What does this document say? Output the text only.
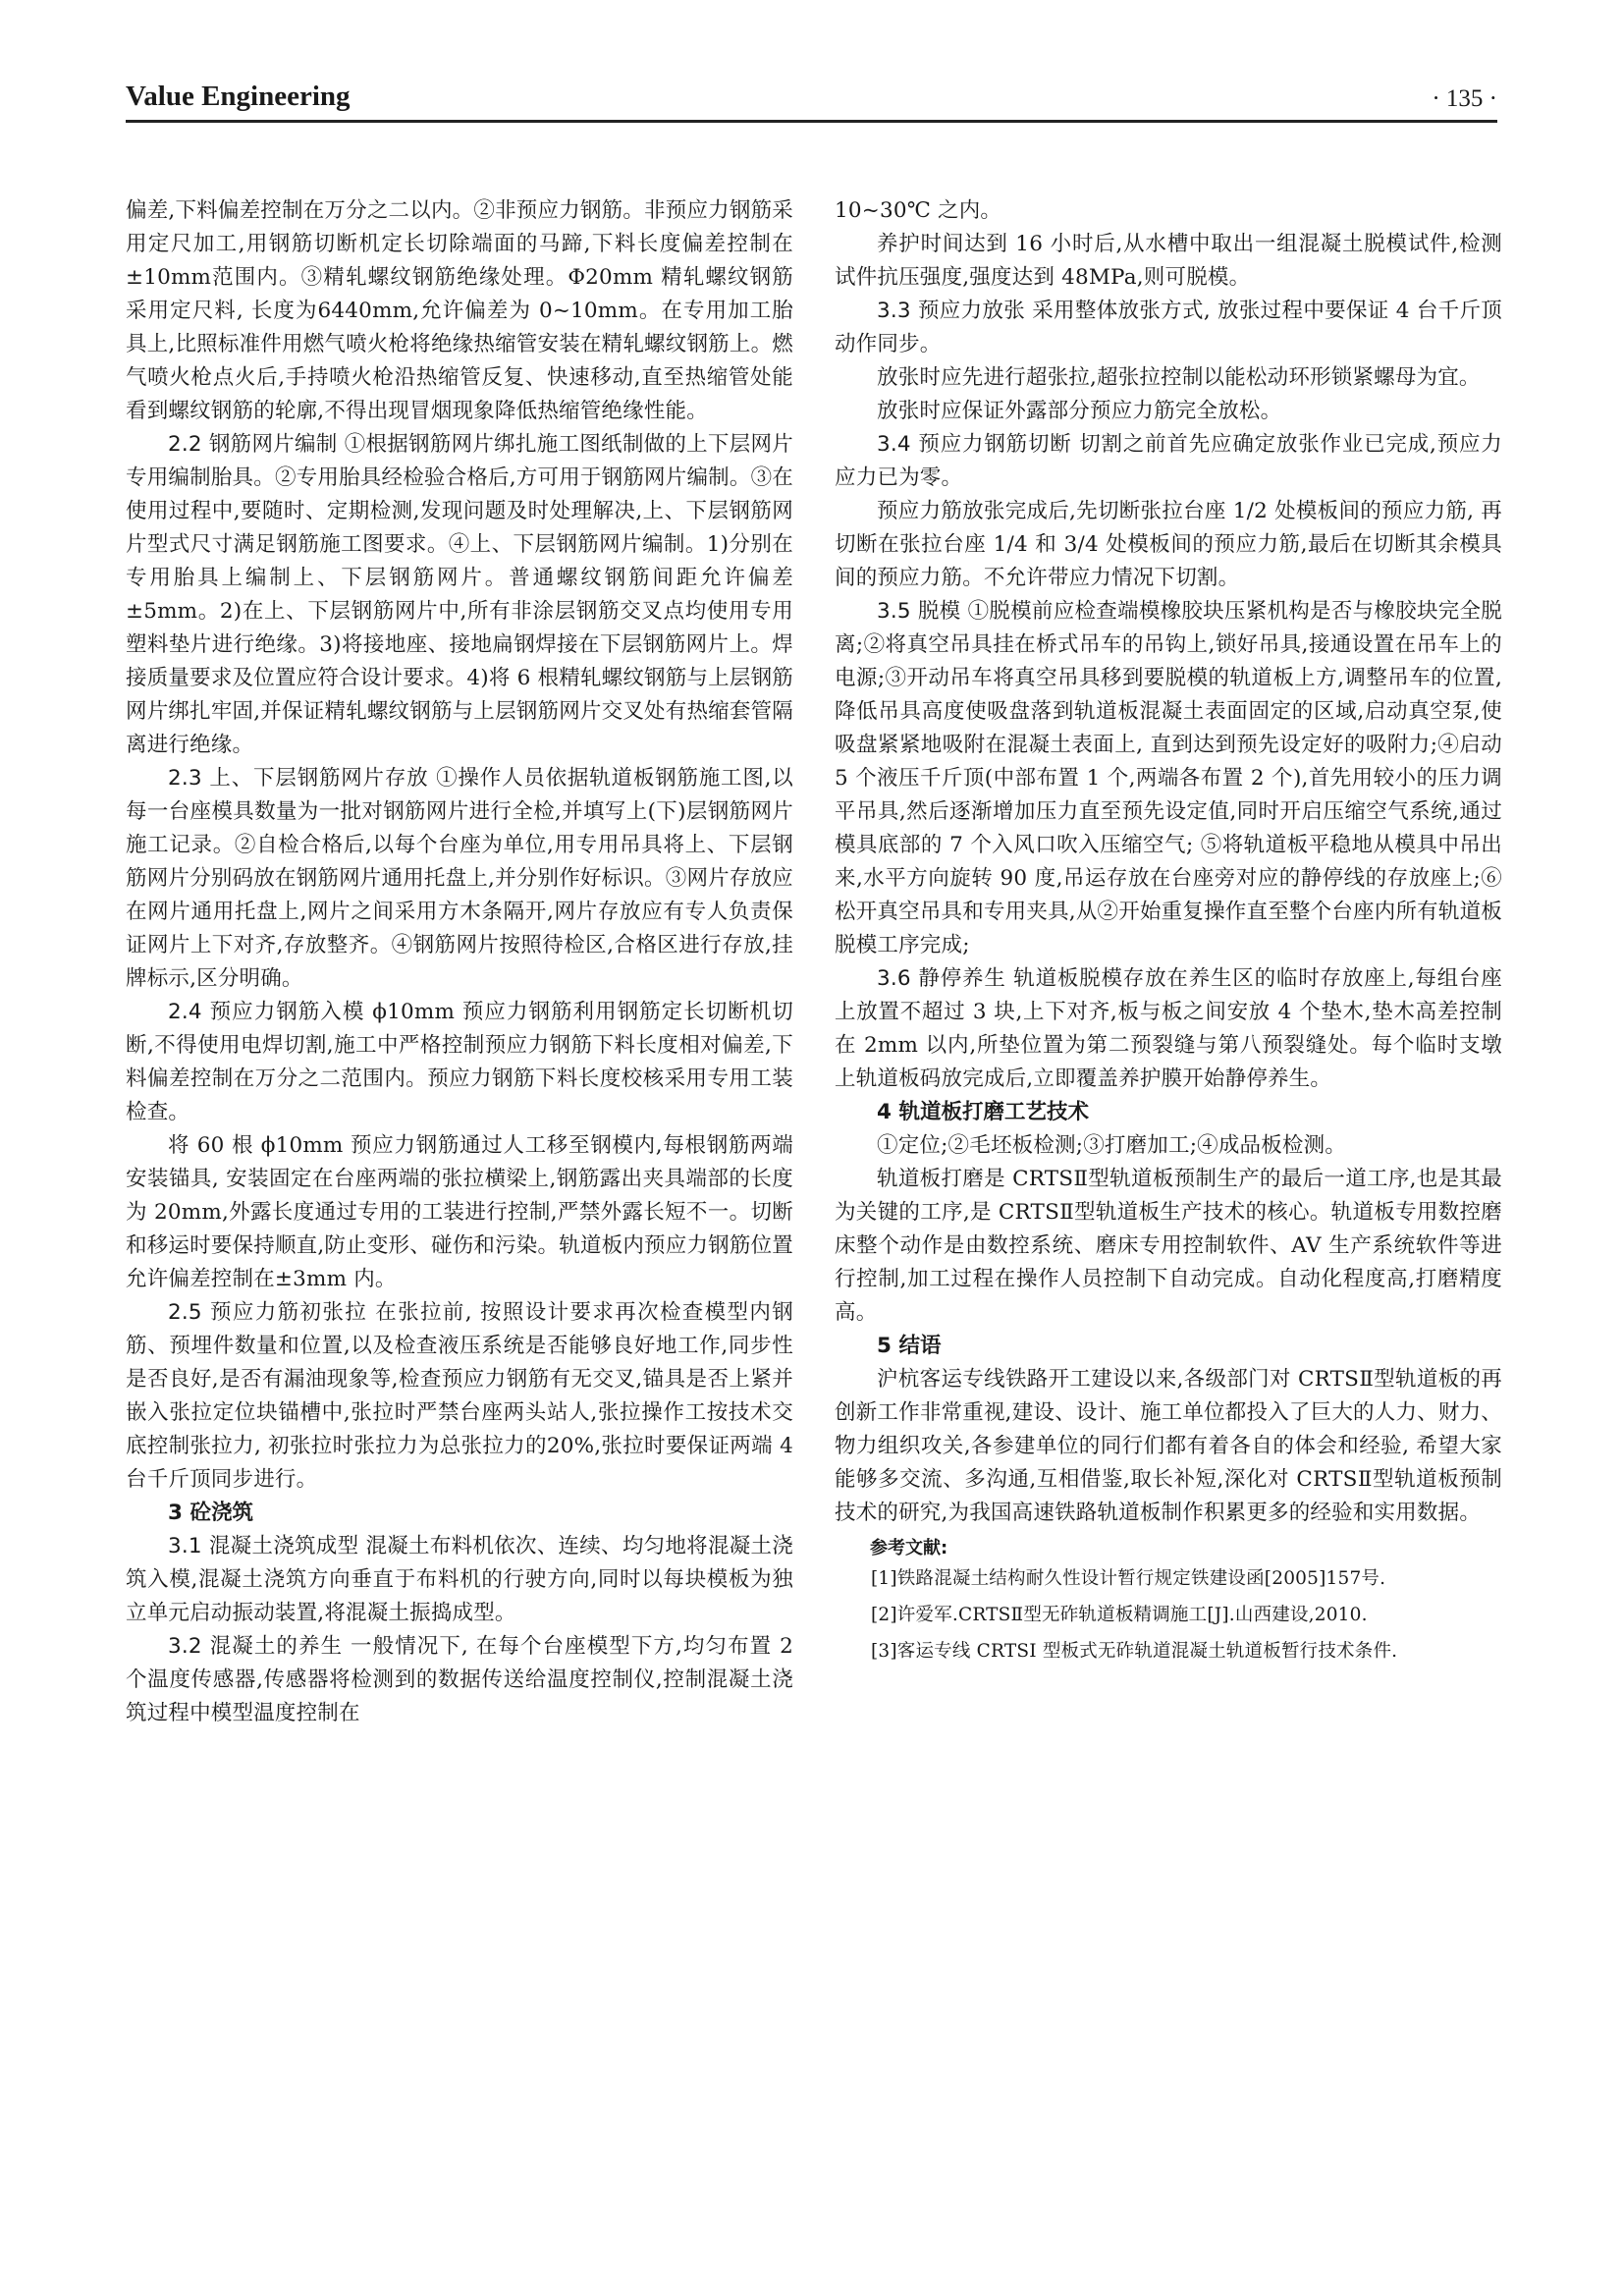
Value Engineering	· 135 ·

偏差,下料偏差控制在万分之二以内。②非预应力钢筋。非预应力钢筋采用定尺加工,用钢筋切断机定长切除端面的马蹄,下料长度偏差控制在±10mm范围内。③精轧螺纹钢筋绝缘处理。Φ20mm 精轧螺纹钢筋采用定尺料, 长度为6440mm,允许偏差为 0~10mm。在专用加工胎具上,比照标准件用燃气喷火枪将绝缘热缩管安装在精轧螺纹钢筋上。燃气喷火枪点火后,手持喷火枪沿热缩管反复、快速移动,直至热缩管处能看到螺纹钢筋的轮廓,不得出现冒烟现象降低热缩管绝缘性能。

2.2 钢筋网片编制 ①根据钢筋网片绑扎施工图纸制做的上下层网片专用编制胎具。②专用胎具经检验合格后,方可用于钢筋网片编制。③在使用过程中,要随时、定期检测,发现问题及时处理解决,上、下层钢筋网片型式尺寸满足钢筋施工图要求。④上、下层钢筋网片编制。1)分别在专用胎具上编制上、下层钢筋网片。普通螺纹钢筋间距允许偏差±5mm。2)在上、下层钢筋网片中,所有非涂层钢筋交叉点均使用专用塑料垫片进行绝缘。3)将接地座、接地扁钢焊接在下层钢筋网片上。焊接质量要求及位置应符合设计要求。4)将 6 根精轧螺纹钢筋与上层钢筋网片绑扎牢固,并保证精轧螺纹钢筋与上层钢筋网片交叉处有热缩套管隔离进行绝缘。

2.3 上、下层钢筋网片存放 ①操作人员依据轨道板钢筋施工图,以每一台座模具数量为一批对钢筋网片进行全检,并填写上(下)层钢筋网片施工记录。②自检合格后,以每个台座为单位,用专用吊具将上、下层钢筋网片分别码放在钢筋网片通用托盘上,并分别作好标识。③网片存放应在网片通用托盘上,网片之间采用方木条隔开,网片存放应有专人负责保证网片上下对齐,存放整齐。④钢筋网片按照待检区,合格区进行存放,挂牌标示,区分明确。

2.4 预应力钢筋入模 ϕ10mm 预应力钢筋利用钢筋定长切断机切断,不得使用电焊切割,施工中严格控制预应力钢筋下料长度相对偏差,下料偏差控制在万分之二范围内。预应力钢筋下料长度校核采用专用工装检查。

将 60 根 ϕ10mm 预应力钢筋通过人工移至钢模内,每根钢筋两端安装锚具, 安装固定在台座两端的张拉横梁上,钢筋露出夹具端部的长度为 20mm,外露长度通过专用的工装进行控制,严禁外露长短不一。切断和移运时要保持顺直,防止变形、碰伤和污染。轨道板内预应力钢筋位置允许偏差控制在±3mm 内。

2.5 预应力筋初张拉 在张拉前, 按照设计要求再次检查模型内钢筋、预埋件数量和位置,以及检查液压系统是否能够良好地工作,同步性是否良好,是否有漏油现象等,检查预应力钢筋有无交叉,锚具是否上紧并嵌入张拉定位块锚槽中,张拉时严禁台座两头站人,张拉操作工按技术交底控制张拉力, 初张拉时张拉力为总张拉力的20%,张拉时要保证两端 4 台千斤顶同步进行。

3 砼浇筑

3.1 混凝土浇筑成型 混凝土布料机依次、连续、均匀地将混凝土浇筑入模,混凝土浇筑方向垂直于布料机的行驶方向,同时以每块模板为独立单元启动振动装置,将混凝土振捣成型。

3.2 混凝土的养生 一般情况下, 在每个台座模型下方,均匀布置 2 个温度传感器,传感器将检测到的数据传送给温度控制仪,控制混凝土浇筑过程中模型温度控制在

10~30℃ 之内。

养护时间达到 16 小时后,从水槽中取出一组混凝土脱模试件,检测试件抗压强度,强度达到 48MPa,则可脱模。

3.3 预应力放张 采用整体放张方式, 放张过程中要保证 4 台千斤顶动作同步。

放张时应先进行超张拉,超张拉控制以能松动环形锁紧螺母为宜。

放张时应保证外露部分预应力筋完全放松。

3.4 预应力钢筋切断 切割之前首先应确定放张作业已完成,预应力应力已为零。

预应力筋放张完成后,先切断张拉台座 1/2 处模板间的预应力筋, 再切断在张拉台座 1/4 和 3/4 处模板间的预应力筋,最后在切断其余模具间的预应力筋。不允许带应力情况下切割。

3.5 脱模 ①脱模前应检查端模橡胶块压紧机构是否与橡胶块完全脱离;②将真空吊具挂在桥式吊车的吊钩上,锁好吊具,接通设置在吊车上的电源;③开动吊车将真空吊具移到要脱模的轨道板上方,调整吊车的位置,降低吊具高度使吸盘落到轨道板混凝土表面固定的区域,启动真空泵,使吸盘紧紧地吸附在混凝土表面上, 直到达到预先设定好的吸附力;④启动 5 个液压千斤顶(中部布置 1 个,两端各布置 2 个),首先用较小的压力调平吊具,然后逐渐增加压力直至预先设定值,同时开启压缩空气系统,通过模具底部的 7 个入风口吹入压缩空气; ⑤将轨道板平稳地从模具中吊出来,水平方向旋转 90 度,吊运存放在台座旁对应的静停线的存放座上;⑥松开真空吊具和专用夹具,从②开始重复操作直至整个台座内所有轨道板脱模工序完成;

3.6 静停养生 轨道板脱模存放在养生区的临时存放座上,每组台座上放置不超过 3 块,上下对齐,板与板之间安放 4 个垫木,垫木高差控制在 2mm 以内,所垫位置为第二预裂缝与第八预裂缝处。每个临时支墩上轨道板码放完成后,立即覆盖养护膜开始静停养生。

4 轨道板打磨工艺技术

①定位;②毛坯板检测;③打磨加工;④成品板检测。

轨道板打磨是 CRTSⅡ型轨道板预制生产的最后一道工序,也是其最为关键的工序,是 CRTSⅡ型轨道板生产技术的核心。轨道板专用数控磨床整个动作是由数控系统、磨床专用控制软件、AV 生产系统软件等进行控制,加工过程在操作人员控制下自动完成。自动化程度高,打磨精度高。

5 结语

沪杭客运专线铁路开工建设以来,各级部门对 CRTSⅡ型轨道板的再创新工作非常重视,建设、设计、施工单位都投入了巨大的人力、财力、物力组织攻关,各参建单位的同行们都有着各自的体会和经验, 希望大家能够多交流、多沟通,互相借鉴,取长补短,深化对 CRTSⅡ型轨道板预制技术的研究,为我国高速铁路轨道板制作积累更多的经验和实用数据。

参考文献:

[1]铁路混凝土结构耐久性设计暂行规定铁建设函[2005]157号.

[2]许爱军.CRTSⅡ型无砟轨道板精调施工[J].山西建设,2010.

[3]客运专线 CRTSI 型板式无砟轨道混凝土轨道板暂行技术条件.
